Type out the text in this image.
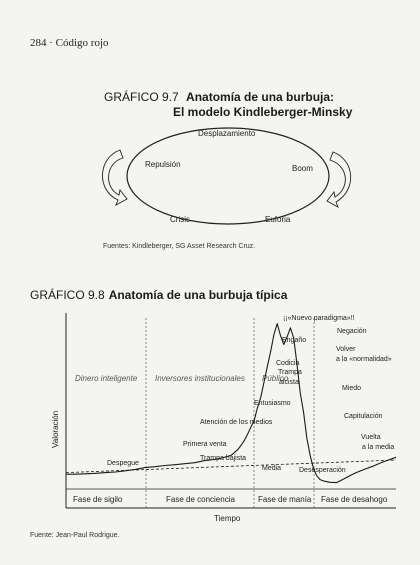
284 · Código rojo
GRÁFICO 9.7 Anatomía de una burbuja:
El modelo Kindleberger-Minsky
Desplazamiento
Boom
Euforia
Crisis
Repulsión
Fuentes: Kindleberger, SG Asset Research Cruz.
GRÁFICO 9.8 Anatomía de una burbuja típica
Dinero inteligente Inversores institucionales Público
Fase de sigilo	Fase de conciencia	Fase de manía Fase de desahogo
Tiempo
Valoración
Despegue
Primera venta
Trampa bajista
Atención de los medios
Entusiasmo
Codicia
Engaño
¡¡«Nuevo paradigma»!!
Negación
Trampa
alcista
Volver
a la «normalidad»
Miedo
Capitulación
Vuelta
a la media
Media	Desesperación
Fuente: Jean-Paul Rodrigue.
